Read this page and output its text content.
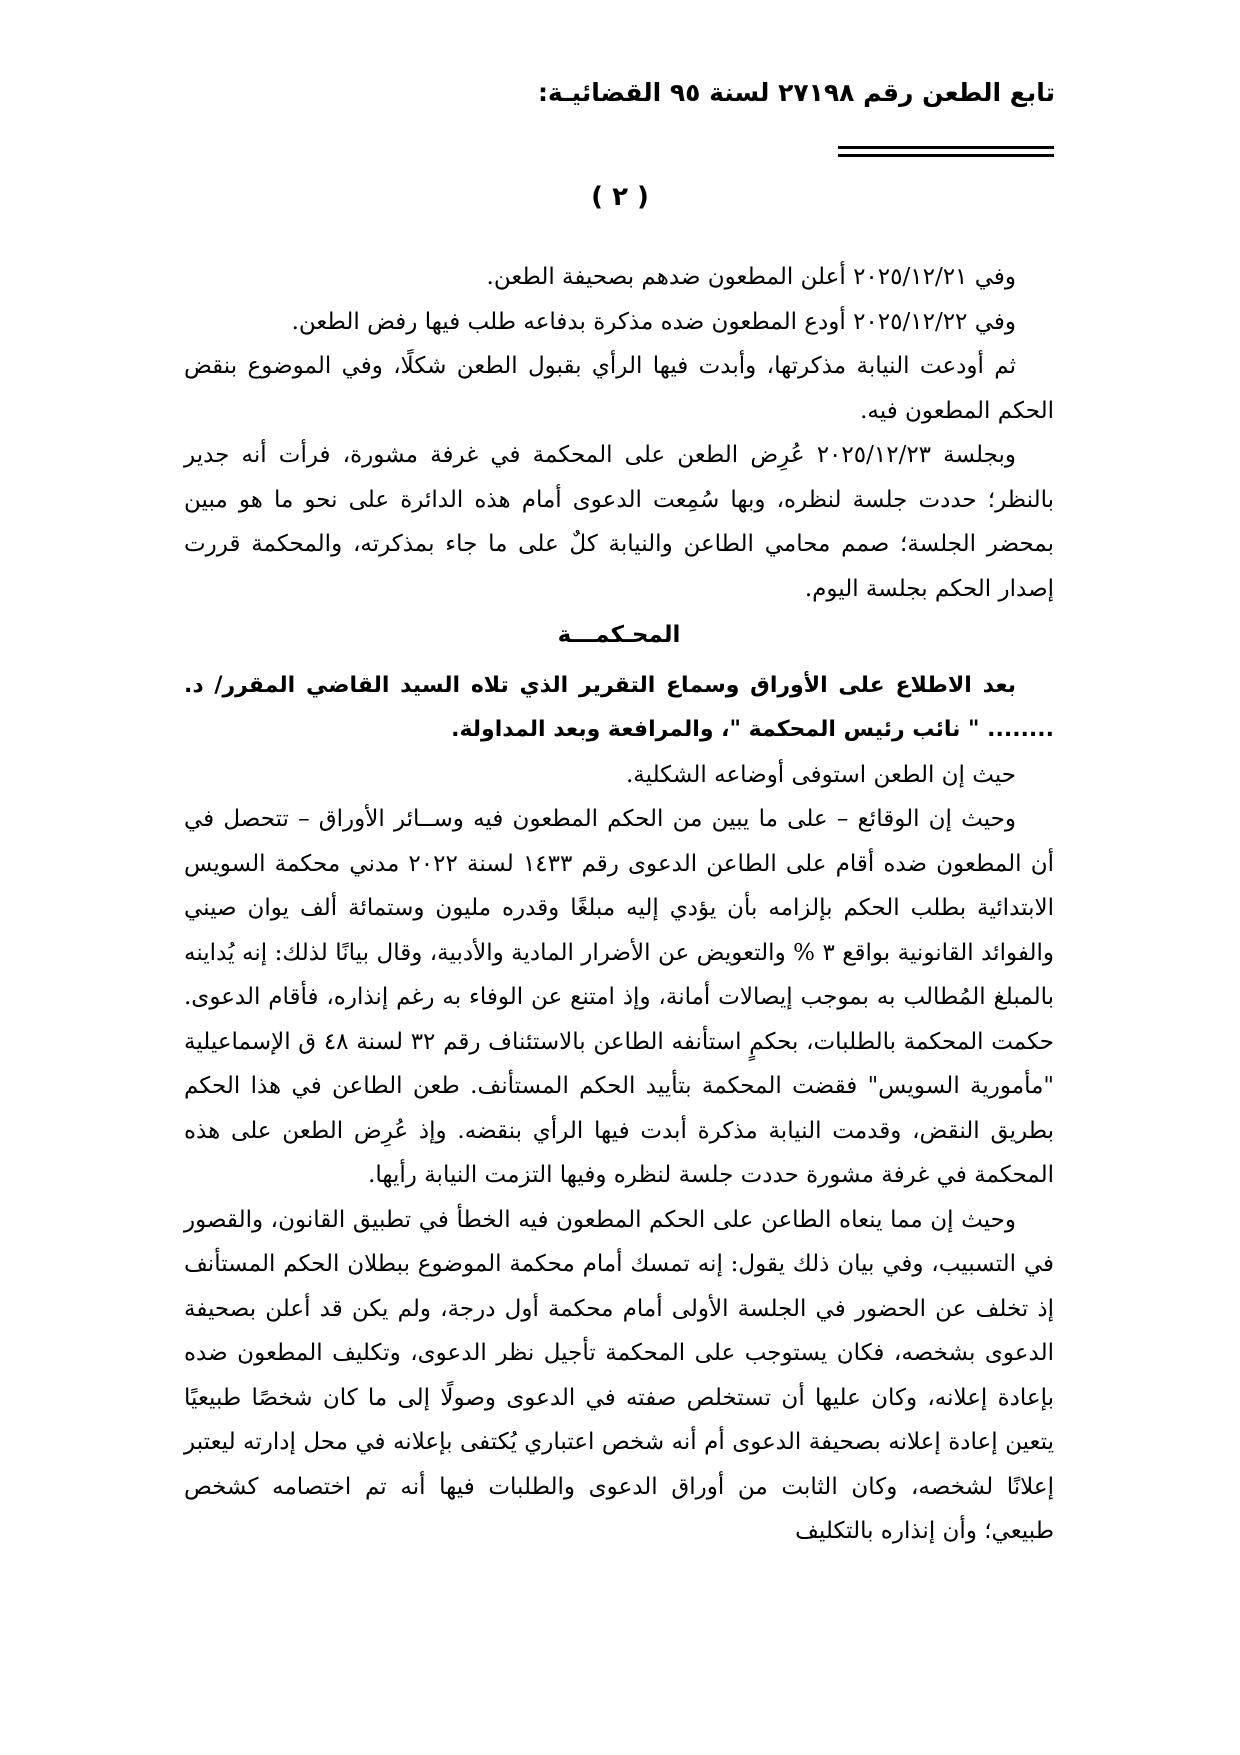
تابع الطعن رقم ٢٧١٩٨ لسنة ٩٥ القضائيـة:
( ٢ )

وفي ٢٠٢٥/١٢/٢١ أعلن المطعون ضدهم بصحيفة الطعن.

وفي ٢٠٢٥/١٢/٢٢ أودع المطعون ضده مذكرة بدفاعه طلب فيها رفض الطعن.

ثم أودعت النيابة مذكرتها، وأبدت فيها الرأي بقبول الطعن شكلًا، وفي الموضوع بنقض الحكم المطعون فيه.

وبجلسة ٢٠٢٥/١٢/٢٣ عُرِض الطعن على المحكمة في غرفة مشورة، فرأت أنه جدير بالنظر؛ حددت جلسة لنظره، وبها سُمِعت الدعوى أمام هذه الدائرة على نحو ما هو مبين بمحضر الجلسة؛ صمم محامي الطاعن والنيابة كلٌ على ما جاء بمذكرته، والمحكمة قررت إصدار الحكم بجلسة اليوم.

المحـكمـــة

بعد الاطلاع على الأوراق وسماع التقرير الذي تلاه السيد القاضي المقرر/ د. ........ " نائب رئيس المحكمة "، والمرافعة وبعد المداولة.

حيث إن الطعن استوفى أوضاعه الشكلية.

وحيث إن الوقائع – على ما يبين من الحكم المطعون فيه وســائر الأوراق – تتحصل في أن المطعون ضده أقام على الطاعن الدعوى رقم ١٤٣٣ لسنة ٢٠٢٢ مدني محكمة السويس الابتدائية بطلب الحكم بإلزامه بأن يؤدي إليه مبلغًا وقدره مليون وستمائة ألف يوان صيني والفوائد القانونية بواقع ٣ % والتعويض عن الأضرار المادية والأدبية، وقال بيانًا لذلك: إنه يُداينه بالمبلغ المُطالب به بموجب إيصالات أمانة، وإذ امتنع عن الوفاء به رغم إنذاره، فأقام الدعوى. حكمت المحكمة بالطلبات، بحكمٍ استأنفه الطاعن بالاستئناف رقم ٣٢ لسنة ٤٨ ق الإسماعيلية "مأمورية السويس" فقضت المحكمة بتأييد الحكم المستأنف. طعن الطاعن في هذا الحكم بطريق النقض، وقدمت النيابة مذكرة أبدت فيها الرأي بنقضه. وإذ عُرِض الطعن على هذه المحكمة في غرفة مشورة حددت جلسة لنظره وفيها التزمت النيابة رأيها.

وحيث إن مما ينعاه الطاعن على الحكم المطعون فيه الخطأ في تطبيق القانون، والقصور في التسبيب، وفي بيان ذلك يقول: إنه تمسك أمام محكمة الموضوع ببطلان الحكم المستأنف إذ تخلف عن الحضور في الجلسة الأولى أمام محكمة أول درجة، ولم يكن قد أعلن بصحيفة الدعوى بشخصه، فكان يستوجب على المحكمة تأجيل نظر الدعوى، وتكليف المطعون ضده بإعادة إعلانه، وكان عليها أن تستخلص صفته في الدعوى وصولًا إلى ما كان شخصًا طبيعيًا يتعين إعادة إعلانه بصحيفة الدعوى أم أنه شخص اعتباري يُكتفى بإعلانه في محل إدارته ليعتبر إعلانًا لشخصه، وكان الثابت من أوراق الدعوى والطلبات فيها أنه تم اختصامه كشخص طبيعي؛ وأن إنذاره بالتكليف
